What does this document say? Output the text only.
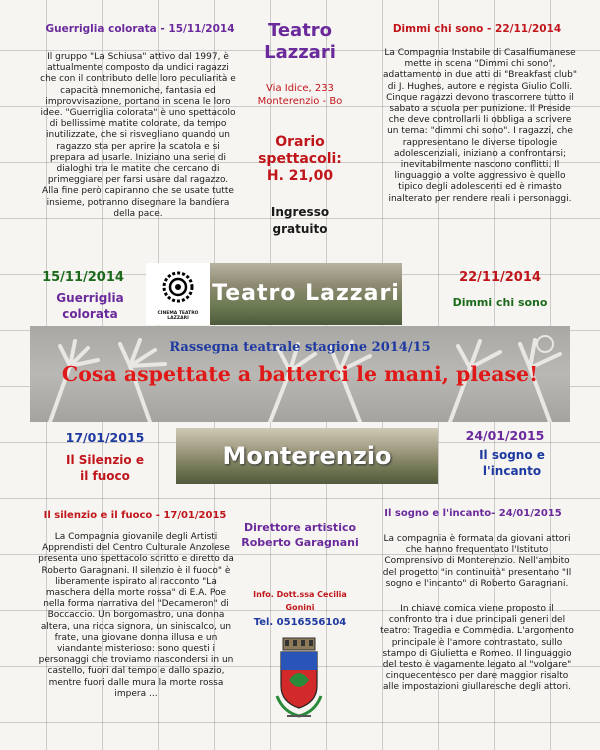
Guerriglia colorata - 15/11/2014
Il gruppo "La Schiusa" attivo dal 1997, è attualmente composto da undici ragazzi che con il contributo delle loro peculiarità e capacità mnemoniche, fantasia ed improvvisazione, portano in scena le loro idee. "Guerriglia colorata" è uno spettacolo di bellissime matite colorate, da tempo inutilizzate, che si risvegliano quando un ragazzo sta per aprire la scatola e si prepara ad usarle. Iniziano una serie di dialoghi tra le matite che cercano di primeggiare per farsi usare dal ragazzo. Alla fine però capiranno che se usate tutte insieme, potranno disegnare la bandiera della pace.
Teatro
Lazzari
Via Idice, 233
Monterenzio - Bo
Orario
spettacoli:
H. 21,00
Ingresso
gratuito
Dimmi chi sono - 22/11/2014
La Compagnia Instabile di Casalfiumanese mette in scena "Dimmi chi sono", adattamento in due atti di "Breakfast club" di J. Hughes, autore e regista Giulio Colli. Cinque ragazzi devono trascorrere tutto il sabato a scuola per punizione. Il Preside che deve controllarli li obbliga a scrivere un tema: "dimmi chi sono". I ragazzi, che rappresentano le diverse tipologie adolescenziali, iniziano a confrontarsi; inevitabilmente nascono conflitti. Il linguaggio a volte aggressivo è quello tipico degli adolescenti ed è rimasto inalterato per rendere reali i personaggi.
15/11/2014
Guerriglia
colorata	CINEMA TEATRO LAZZARI
Teatro Lazzari
22/11/2014
Dimmi chi sono
Rassegna teatrale stagione 2014/15
Cosa aspettate a batterci le mani, please!
17/01/2015
Il Silenzio e
il fuoco
Monterenzio
24/01/2015
Il sogno e
l'incanto
Il silenzio e il fuoco - 17/01/2015
La Compagnia giovanile degli Artisti Apprendisti del Centro Culturale Anzolese presenta uno spettacolo scritto e diretto da Roberto Garagnani. Il silenzio è il fuoco" è liberamente ispirato al racconto "La maschera della morte rossa" di E.A. Poe nella forma narrativa del "Decameron" di Boccaccio. Un borgomastro, una donna altera, una ricca signora, un siniscalco, un frate, una giovane donna illusa e un viandante misterioso: sono questi i personaggi che troviamo nascondersi in un castello, fuori dal tempo e dallo spazio, mentre fuori dalle mura la morte rossa impera ...
Direttore artistico
Roberto Garagnani
Info. Dott.ssa Cecilia
Gonini
Tel. 0516556104
Il sogno e l'incanto- 24/01/2015
La compagnia è formata da giovani attori che hanno frequentato l'Istituto Comprensivo di Monterenzio. Nell'ambito del progetto "in continuità" presentano "Il sogno e l'incanto" di Roberto Garagnani.
In chiave comica viene proposto il confronto tra i due principali generi del teatro: Tragedia e Commedia. L'argomento principale è l'amore contrastato, sullo stampo di Giulietta e Romeo. Il linguaggio del testo è vagamente legato al "volgare" cinquecentesco per dare maggior risalto alle impostazioni giullaresche degli attori.
